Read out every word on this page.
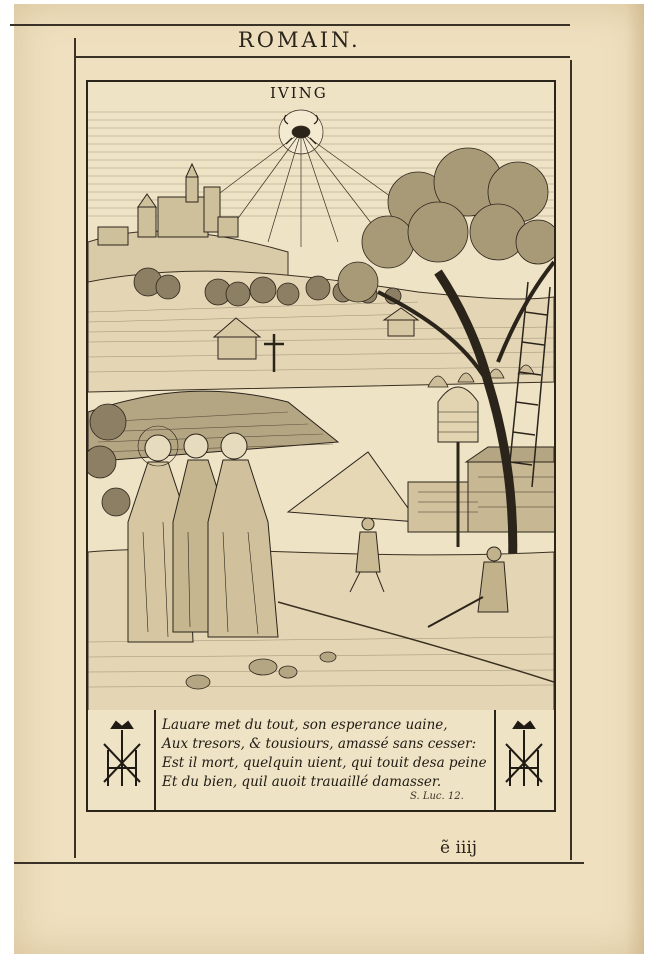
ROMAIN.
IVING
Lauare met du tout, son esperance uaine,
Aux tresors, & tousiours, amassé sans cesser:
Est il mort, quelquin uient, qui touit desa peine
Et du bien, quil auoit trauaillé damasser.
S. Luc. 12.
ẽ iiij
